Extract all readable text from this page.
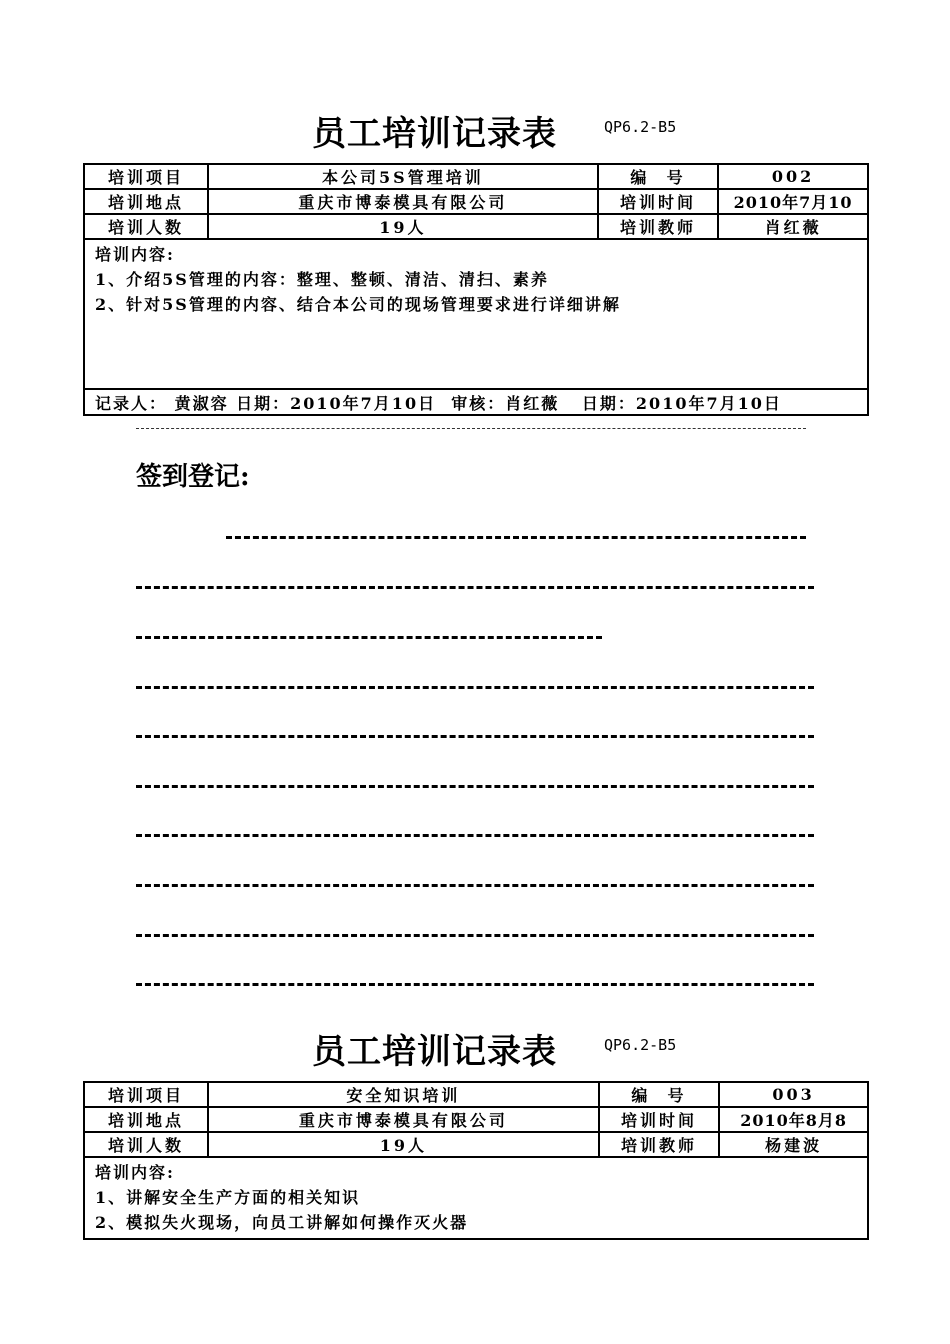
员工培训记录表	QP6.2-B5
培训项目	本公司5S管理培训	编  号	002
培训地点	重庆市博泰模具有限公司	培训时间	2010年7月10
培训人数	19人	培训教师	肖红薇

培训内容:
1、介绍5S管理的内容：整理、整顿、清洁、清扫、素养
2、针对5S管理的内容、结合本公司的现场管理要求进行详细讲解			

记录人： 黄淑容 日期：2010年7月10日  审核：肖红薇   日期：2010年7月10日			
签到登记:
员工培训记录表	QP6.2-B5
培训项目	安全知识培训	编  号	003
培训地点	重庆市博泰模具有限公司	培训时间	2010年8月8
培训人数	19人	培训教师	杨建波

培训内容:
1、讲解安全生产方面的相关知识
2、模拟失火现场，向员工讲解如何操作灭火器			
